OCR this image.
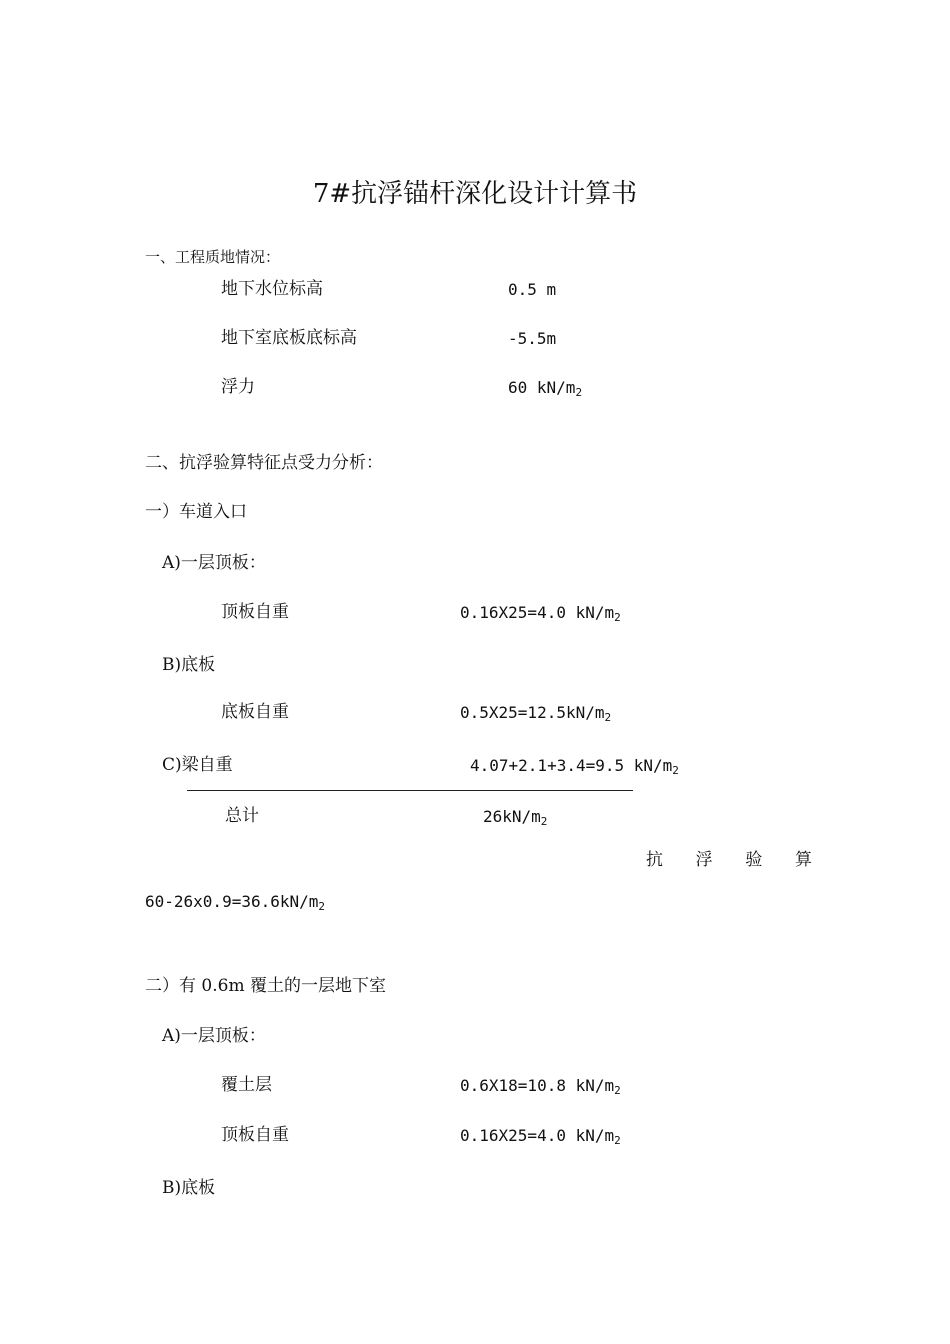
7#抗浮锚杆深化设计计算书
一、工程质地情况：
地下水位标高	0.5 m
地下室底板底标高	-5.5m
浮力	60 $kN/m_2$
二、抗浮验算特征点受力分析：
一）车道入口
A)一层顶板：
顶板自重	0.16X25=4.0 $kN/m_2$
B)底板
底板自重	$0.5X25=12.5kN/m_2$
C)梁自重	4.07+2.1+3.4=9.5 $kN/m_2$
总计	$26kN/m_2$
抗 浮 验 算
$60-26x0.9=36.6kN/m_2$
二）有 0.6m 覆土的一层地下室
A)一层顶板：
覆土层	0.6X18=10.8 $kN/m_2$
顶板自重	0.16X25=4.0 $kN/m_2$
B)底板
